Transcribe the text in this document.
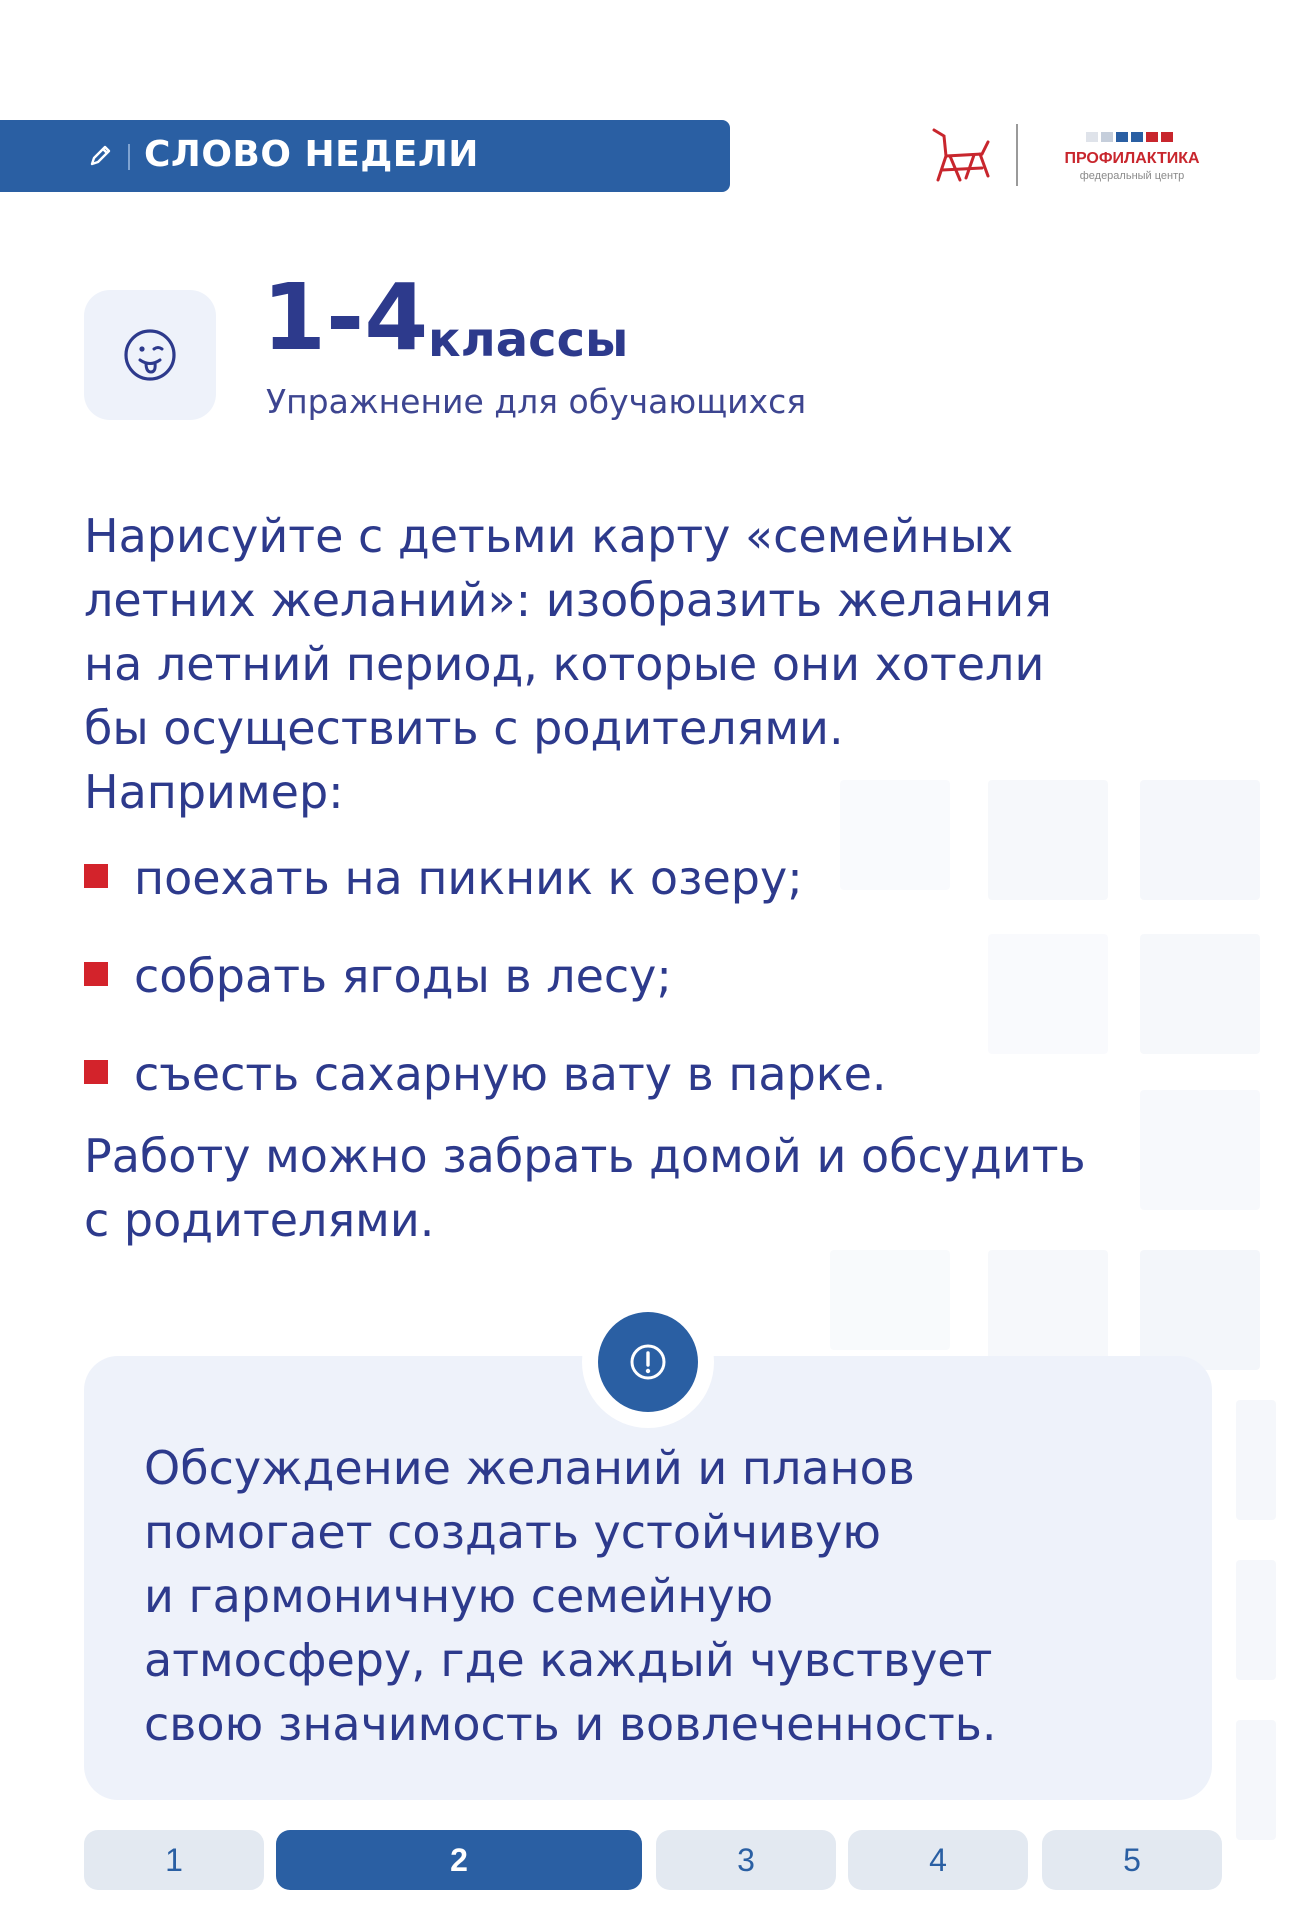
СЛОВО НЕДЕЛИ	ПРОФИЛАКТИКА
федеральный центр
1-4 классы
Упражнение для обучающихся
Нарисуйте с детьми карту «семейных
летних желаний»: изобразить желания
на летний период, которые они хотели
бы осуществить с родителями.
Например:
поехать на пикник к озеру;
собрать ягоды в лесу;
съесть сахарную вату в парке.
Работу можно забрать домой и обсудить
с родителями.
Обсуждение желаний и планов
помогает создать устойчивую
и гармоничную семейную
атмосферу, где каждый чувствует
свою значимость и вовлеченность.
1	2	3	4	5
